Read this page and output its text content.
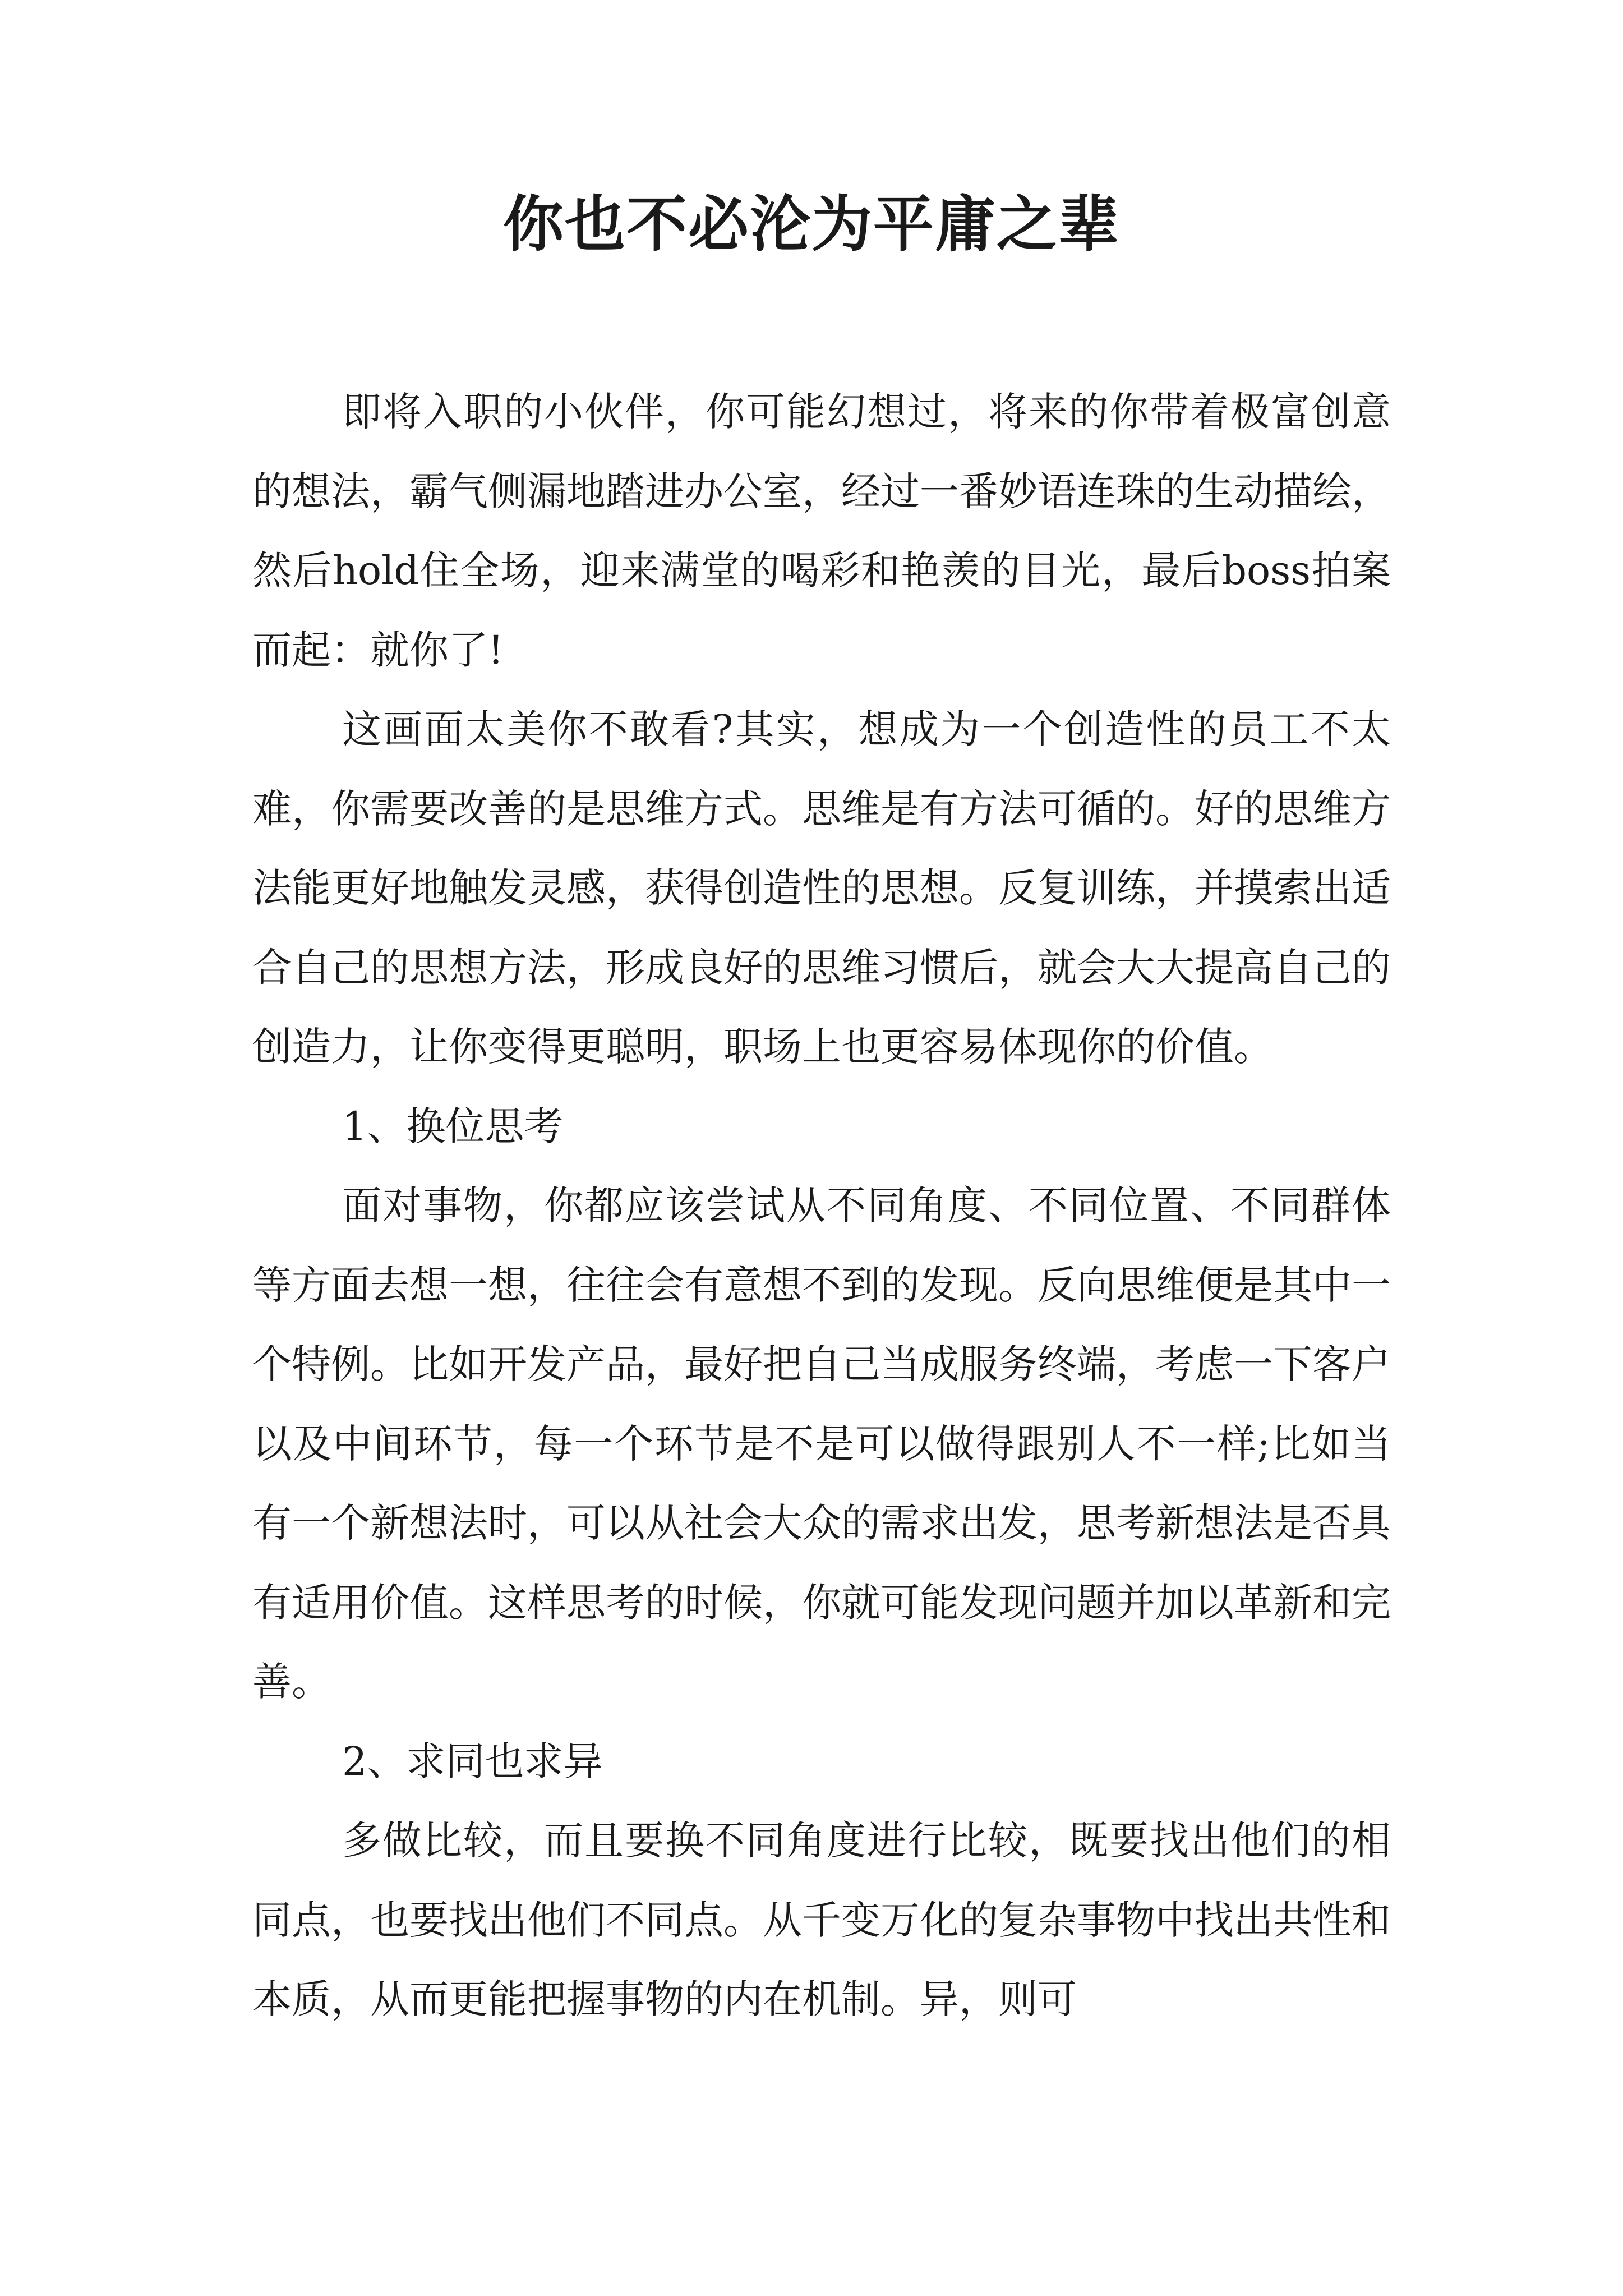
你也不必沦为平庸之辈

即将入职的小伙伴，你可能幻想过，将来的你带着极富创意的想法，霸气侧漏地踏进办公室，经过一番妙语连珠的生动描绘，然后hold住全场，迎来满堂的喝彩和艳羡的目光，最后boss拍案而起：就你了!

这画面太美你不敢看?其实，想成为一个创造性的员工不太难，你需要改善的是思维方式。思维是有方法可循的。好的思维方法能更好地触发灵感，获得创造性的思想。反复训练，并摸索出适合自己的思想方法，形成良好的思维习惯后，就会大大提高自己的创造力，让你变得更聪明，职场上也更容易体现你的价值。

1、换位思考

面对事物，你都应该尝试从不同角度、不同位置、不同群体等方面去想一想，往往会有意想不到的发现。反向思维便是其中一个特例。比如开发产品，最好把自己当成服务终端，考虑一下客户以及中间环节，每一个环节是不是可以做得跟别人不一样;比如当有一个新想法时，可以从社会大众的需求出发，思考新想法是否具有适用价值。这样思考的时候，你就可能发现问题并加以革新和完善。

2、求同也求异

多做比较，而且要换不同角度进行比较，既要找出他们的相同点，也要找出他们不同点。从千变万化的复杂事物中找出共性和本质，从而更能把握事物的内在机制。异，则可
